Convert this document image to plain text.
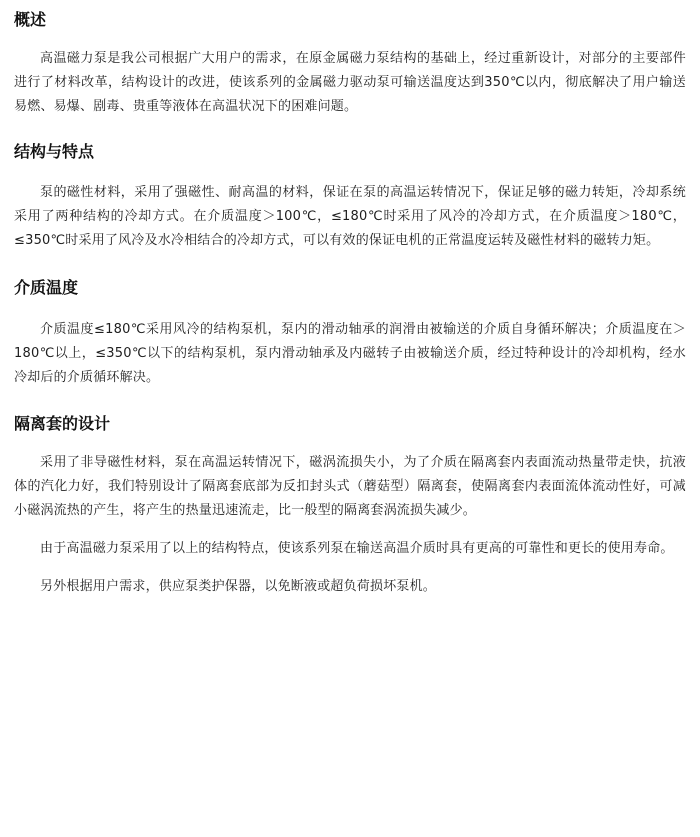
概述

高温磁力泵是我公司根据广大用户的需求，在原金属磁力泵结构的基础上，经过重新设计，对部分的主要部件进行了材料改革，结构设计的改进，使该系列的金属磁力驱动泵可输送温度达到350℃以内，彻底解决了用户输送易燃、易爆、剧毒、贵重等液体在高温状况下的困难问题。

结构与特点

泵的磁性材料，采用了强磁性、耐高温的材料，保证在泵的高温运转情况下，保证足够的磁力转矩，冷却系统采用了两种结构的冷却方式。在介质温度＞100℃，≤180℃时采用了风冷的冷却方式，在介质温度＞180℃，≤350℃时采用了风冷及水冷相结合的冷却方式，可以有效的保证电机的正常温度运转及磁性材料的磁转力矩。

介质温度

介质温度≤180℃采用风冷的结构泵机，泵内的滑动轴承的润滑由被输送的介质自身循环解决；介质温度在＞180℃以上，≤350℃以下的结构泵机，泵内滑动轴承及内磁转子由被输送介质，经过特种设计的冷却机构，经水冷却后的介质循环解决。

隔离套的设计

采用了非导磁性材料，泵在高温运转情况下，磁涡流损失小，为了介质在隔离套内表面流动热量带走快，抗液体的汽化力好，我们特别设计了隔离套底部为反扣封头式（蘑菇型）隔离套，使隔离套内表面流体流动性好，可减小磁涡流热的产生，将产生的热量迅速流走，比一般型的隔离套涡流损失减少。

由于高温磁力泵采用了以上的结构特点，使该系列泵在输送高温介质时具有更高的可靠性和更长的使用寿命。

另外根据用户需求，供应泵类护保器，以免断液或超负荷损坏泵机。
